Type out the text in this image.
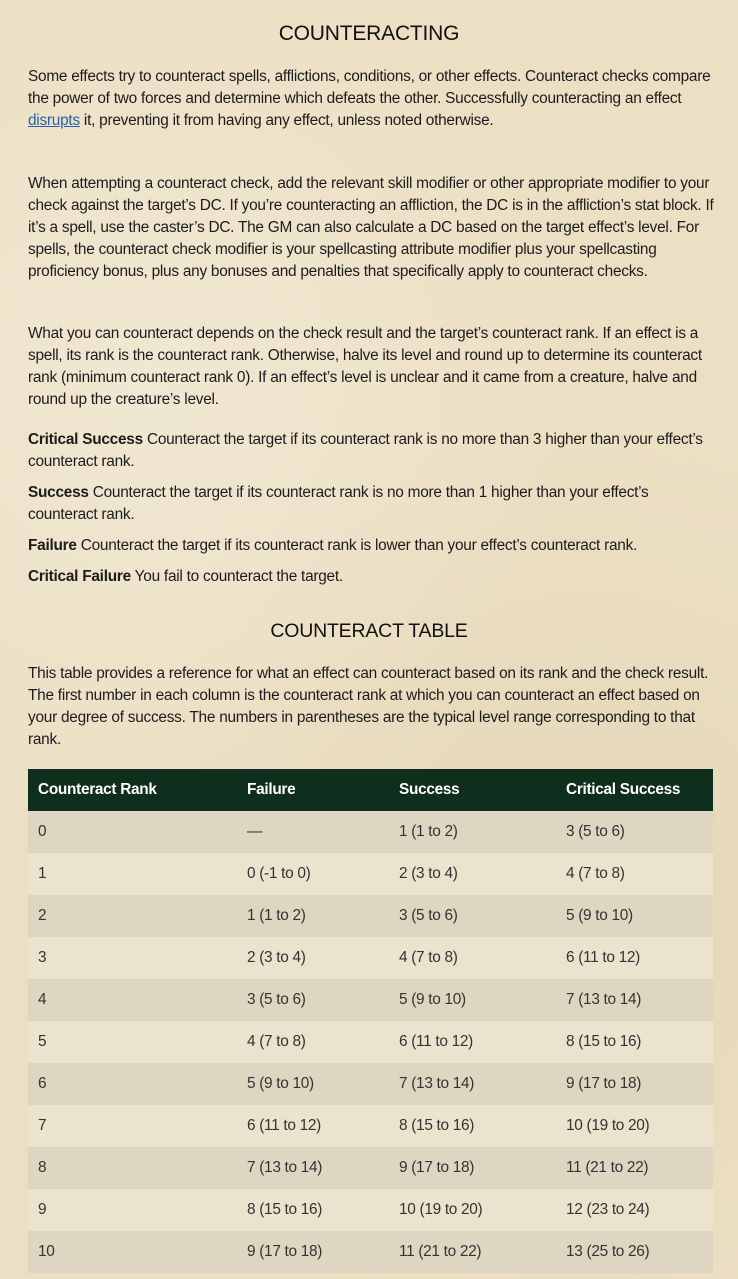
COUNTERACTING

Some effects try to counteract spells, afflictions, conditions, or other effects. Counteract checks compare the power of two forces and determine which defeats the other. Successfully counteracting an effect disrupts it, preventing it from having any effect, unless noted otherwise.

When attempting a counteract check, add the relevant skill modifier or other appropriate modifier to your check against the target’s DC. If you’re counteracting an affliction, the DC is in the affliction’s stat block. If it’s a spell, use the caster’s DC. The GM can also calculate a DC based on the target effect’s level. For spells, the counteract check modifier is your spellcasting attribute modifier plus your spellcasting proficiency bonus, plus any bonuses and penalties that specifically apply to counteract checks.

What you can counteract depends on the check result and the target’s counteract rank. If an effect is a spell, its rank is the counteract rank. Otherwise, halve its level and round up to determine its counteract rank (minimum counteract rank 0). If an effect’s level is unclear and it came from a creature, halve and round up the creature’s level.

Critical Success Counteract the target if its counteract rank is no more than 3 higher than your effect’s counteract rank.

Success Counteract the target if its counteract rank is no more than 1 higher than your effect’s counteract rank.

Failure Counteract the target if its counteract rank is lower than your effect’s counteract rank.

Critical Failure You fail to counteract the target.

COUNTERACT TABLE

This table provides a reference for what an effect can counteract based on its rank and the check result. The first number in each column is the counteract rank at which you can counteract an effect based on your degree of success. The numbers in parentheses are the typical level range corresponding to that rank.

Counteract Rank	Failure	Success	Critical Success
0	—	1 (1 to 2)	3 (5 to 6)
1	0 (-1 to 0)	2 (3 to 4)	4 (7 to 8)
2	1 (1 to 2)	3 (5 to 6)	5 (9 to 10)
3	2 (3 to 4)	4 (7 to 8)	6 (11 to 12)
4	3 (5 to 6)	5 (9 to 10)	7 (13 to 14)
5	4 (7 to 8)	6 (11 to 12)	8 (15 to 16)
6	5 (9 to 10)	7 (13 to 14)	9 (17 to 18)
7	6 (11 to 12)	8 (15 to 16)	10 (19 to 20)
8	7 (13 to 14)	9 (17 to 18)	11 (21 to 22)
9	8 (15 to 16)	10 (19 to 20)	12 (23 to 24)
10	9 (17 to 18)	11 (21 to 22)	13 (25 to 26)
